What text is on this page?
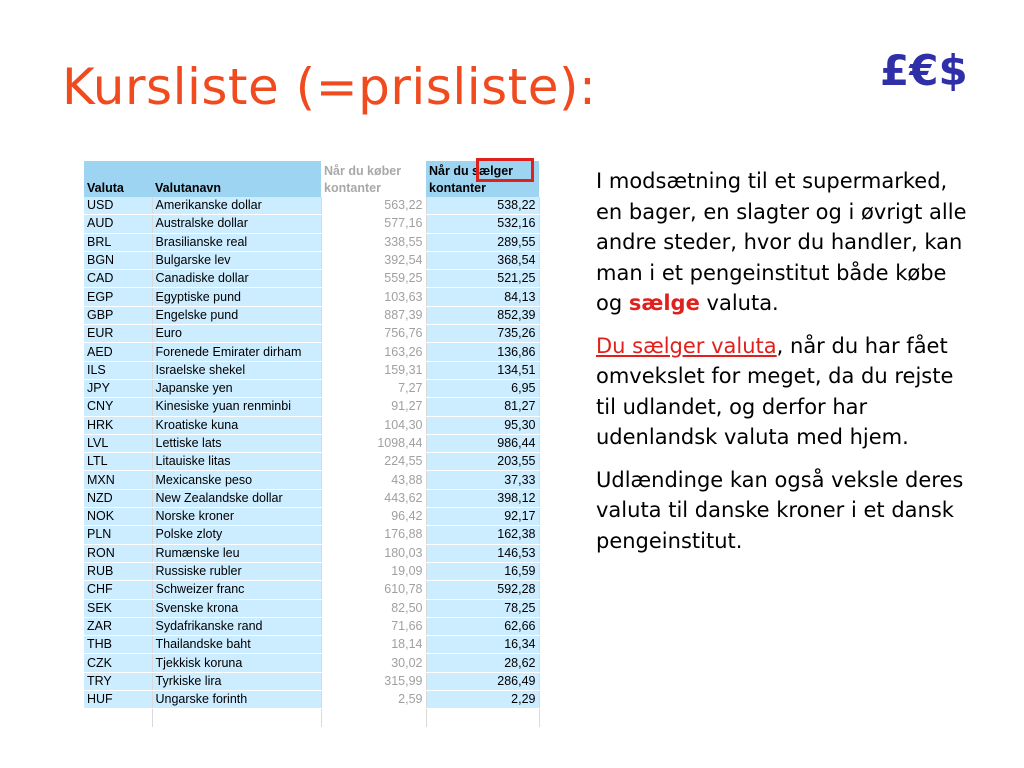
Kursliste (=prisliste):	£€$
Valuta	Valutanavn	Når du køber kontanter	Når du sælger kontanter
USD	Amerikanske dollar	563,22	538,22
AUD	Australske dollar	577,16	532,16
BRL	Brasilianske real	338,55	289,55
BGN	Bulgarske lev	392,54	368,54
CAD	Canadiske dollar	559,25	521,25
EGP	Egyptiske pund	103,63	84,13
GBP	Engelske pund	887,39	852,39
EUR	Euro	756,76	735,26
AED	Forenede Emirater dirham	163,26	136,86
ILS	Israelske shekel	159,31	134,51
JPY	Japanske yen	7,27	6,95
CNY	Kinesiske yuan renminbi	91,27	81,27
HRK	Kroatiske kuna	104,30	95,30
LVL	Lettiske lats	1098,44	986,44
LTL	Litauiske litas	224,55	203,55
MXN	Mexicanske peso	43,88	37,33
NZD	New Zealandske dollar	443,62	398,12
NOK	Norske kroner	96,42	92,17
PLN	Polske zloty	176,88	162,38
RON	Rumænske leu	180,03	146,53
RUB	Russiske rubler	19,09	16,59
CHF	Schweizer franc	610,78	592,28
SEK	Svenske krona	82,50	78,25
ZAR	Sydafrikanske rand	71,66	62,66
THB	Thailandske baht	18,14	16,34
CZK	Tjekkisk koruna	30,02	28,62
TRY	Tyrkiske lira	315,99	286,49
HUF	Ungarske forinth	2,59	2,29

I modsætning til et supermarked, en bager, en slagter og i øvrigt alle andre steder, hvor du handler, kan man i et pengeinstitut både købe og sælge valuta.

Du sælger valuta, når du har fået omvekslet for meget, da du rejste til udlandet, og derfor har udenlandsk valuta med hjem.

Udlændinge kan også veksle deres valuta til danske kroner i et dansk pengeinstitut.
